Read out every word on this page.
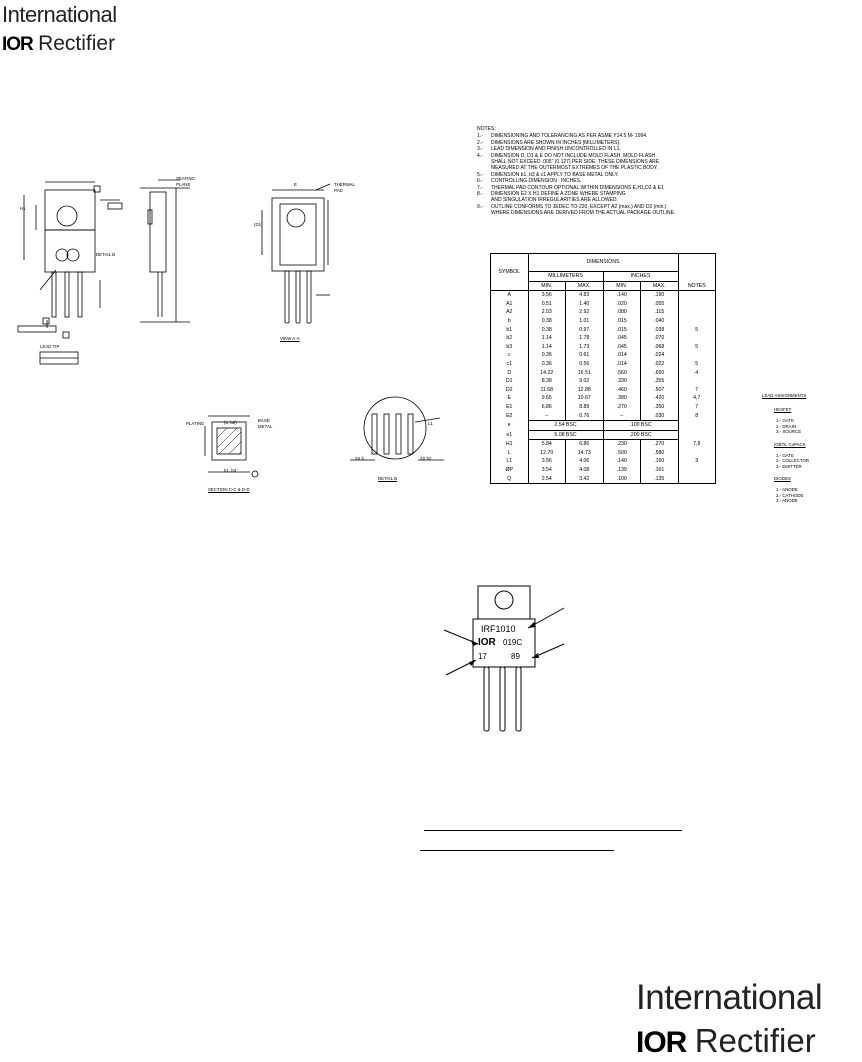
International
IOR Rectifier
International
IOR Rectifier
VIEW A-A
THERMAL PAD
SEATING PLANE
LEAD TIP
DETAIL B
E
(D1)
H1
PLATING
BASE METAL
(b, b2)
b1, b3
SECTION C-C & D-D
L1
3X b	3X b2
DETAIL B
NOTES:
1.-	DIMENSIONING AND TOLERANCING AS PER ASME Y14.5 M- 1994.
2.-	DIMENSIONS ARE SHOWN IN INCHES [MILLIMETERS].
3.-	LEAD DIMENSION AND FINISH UNCONTROLLED IN L1.
4.-	DIMENSION D, D1 & E DO NOT INCLUDE MOLD FLASH. MOLD FLASH
SHALL NOT EXCEED .005" (0.127) PER SIDE. THESE DIMENSIONS ARE
MEASURED AT THE OUTERMOST EXTREMES OF THE PLASTIC BODY.
5.-	DIMENSION b1, b3 & c1 APPLY TO BASE METAL ONLY.
6.-	CONTROLLING DIMENSION : INCHES.
7.-	THERMAL PAD CONTOUR OPTIONAL WITHIN DIMENSIONS E,H1,D2 & E1
8.-	DIMENSION E2 X H1 DEFINE A ZONE WHERE STAMPING
AND SINGULATION IRREGULARITIES ARE ALLOWED.
9.-	OUTLINE CONFORMS TO JEDEC TO-220, EXCEPT A2 (max.) AND D2 (min.)
WHERE DIMENSIONS ARE DERIVED FROM THE ACTUAL PACKAGE OUTLINE.
SYMBOL	DIMENSIONS				NOTES
	MILLIMETERS		INCHES		
	MIN.	MAX.	MIN.	MAX.	
A	3.56	4.83	.140	.190	
A1	0.51	1.40	.020	.055	
A2	2.03	2.92	.080	.115	
b	0.38	1.01	.015	.040	
b1	0.38	0.97	.015	.038	5
b2	1.14	1.78	.045	.070	
b3	1.14	1.73	.045	.068	5
c	0.36	0.61	.014	.024	
c1	0.36	0.56	.014	.022	5
D	14.22	16.51	.560	.650	4
D1	8.38	9.02	.330	.355	
D2	11.68	12.88	.460	.507	7
E	9.65	10.67	.380	.420	4,7
E1	6.86	8.89	.270	.350	7
E2	–	0.76	–	.030	8
e	2.54 BSC		.100 BSC		
e1	5.08 BSC		.200 BSC		
H1	5.84	6.86	.230	.270	7,8
L	12.70	14.73	.500	.580	
L1	3.56	4.06	.140	.160	3
ØP	3.54	4.08	.139	.161	
Q	2.54	3.42	.100	.135	
LEAD ASSIGNMENTS
HEXFET
1.- GATE
2.- DRAIN
3.- SOURCE
IGBTs, CoPACK
1.- GATE
2.- COLLECTOR
3.- EMITTER
DIODES
1.- ANODE
2.- CATHODE
3.- ANODE
IRF1010
IOR 019C
17	89
